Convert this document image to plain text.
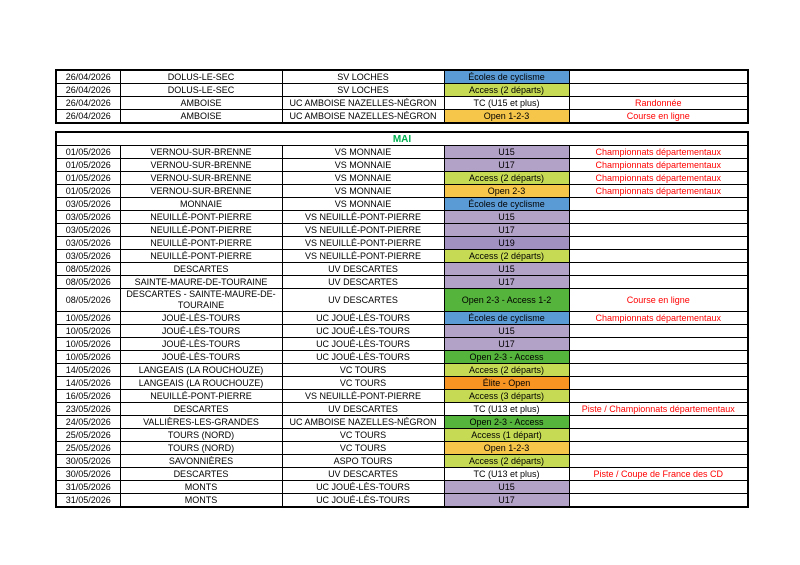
26/04/2026	DOLUS-LE-SEC	SV LOCHES	Écoles de cyclisme	
26/04/2026	DOLUS-LE-SEC	SV LOCHES	Access (2 départs)	
26/04/2026	AMBOISE	UC AMBOISE NAZELLES-NÉGRON	TC (U15 et plus)	Randonnée
26/04/2026	AMBOISE	UC AMBOISE NAZELLES-NÉGRON	Open 1-2-3	Course en ligne
MAI				
01/05/2026	VERNOU-SUR-BRENNE	VS MONNAIE	U15	Championnats départementaux
01/05/2026	VERNOU-SUR-BRENNE	VS MONNAIE	U17	Championnats départementaux
01/05/2026	VERNOU-SUR-BRENNE	VS MONNAIE	Access (2 départs)	Championnats départementaux
01/05/2026	VERNOU-SUR-BRENNE	VS MONNAIE	Open 2-3	Championnats départementaux
03/05/2026	MONNAIE	VS MONNAIE	Écoles de cyclisme	
03/05/2026	NEUILLÉ-PONT-PIERRE	VS NEUILLÉ-PONT-PIERRE	U15	
03/05/2026	NEUILLÉ-PONT-PIERRE	VS NEUILLÉ-PONT-PIERRE	U17	
03/05/2026	NEUILLÉ-PONT-PIERRE	VS NEUILLÉ-PONT-PIERRE	U19	
03/05/2026	NEUILLÉ-PONT-PIERRE	VS NEUILLÉ-PONT-PIERRE	Access (2 départs)	
08/05/2026	DESCARTES	UV DESCARTES	U15	
08/05/2026	SAINTE-MAURE-DE-TOURAINE	UV DESCARTES	U17	
08/05/2026	DESCARTES - SAINTE-MAURE-DE-TOURAINE	UV DESCARTES	Open 2-3 - Access 1-2	Course en ligne
10/05/2026	JOUÉ-LÈS-TOURS	UC JOUÉ-LÈS-TOURS	Écoles de cyclisme	Championnats départementaux
10/05/2026	JOUÉ-LÈS-TOURS	UC JOUÉ-LÈS-TOURS	U15	
10/05/2026	JOUÉ-LÈS-TOURS	UC JOUÉ-LÈS-TOURS	U17	
10/05/2026	JOUÉ-LÈS-TOURS	UC JOUÉ-LÈS-TOURS	Open 2-3 - Access	
14/05/2026	LANGEAIS (LA ROUCHOUZE)	VC TOURS	Access (2 départs)	
14/05/2026	LANGEAIS (LA ROUCHOUZE)	VC TOURS	Élite - Open	
16/05/2026	NEUILLÉ-PONT-PIERRE	VS NEUILLÉ-PONT-PIERRE	Access (3 départs)	
23/05/2026	DESCARTES	UV DESCARTES	TC (U13 et plus)	Piste / Championnats départementaux
24/05/2026	VALLIÈRES-LES-GRANDES	UC AMBOISE NAZELLES-NÉGRON	Open 2-3 - Access	
25/05/2026	TOURS (NORD)	VC TOURS	Access (1 départ)	
25/05/2026	TOURS (NORD)	VC TOURS	Open 1-2-3	
30/05/2026	SAVONNIÈRES	ASPO TOURS	Access (2 départs)	
30/05/2026	DESCARTES	UV DESCARTES	TC (U13 et plus)	Piste / Coupe de France des CD
31/05/2026	MONTS	UC JOUÉ-LÈS-TOURS	U15	
31/05/2026	MONTS	UC JOUÉ-LÈS-TOURS	U17	
